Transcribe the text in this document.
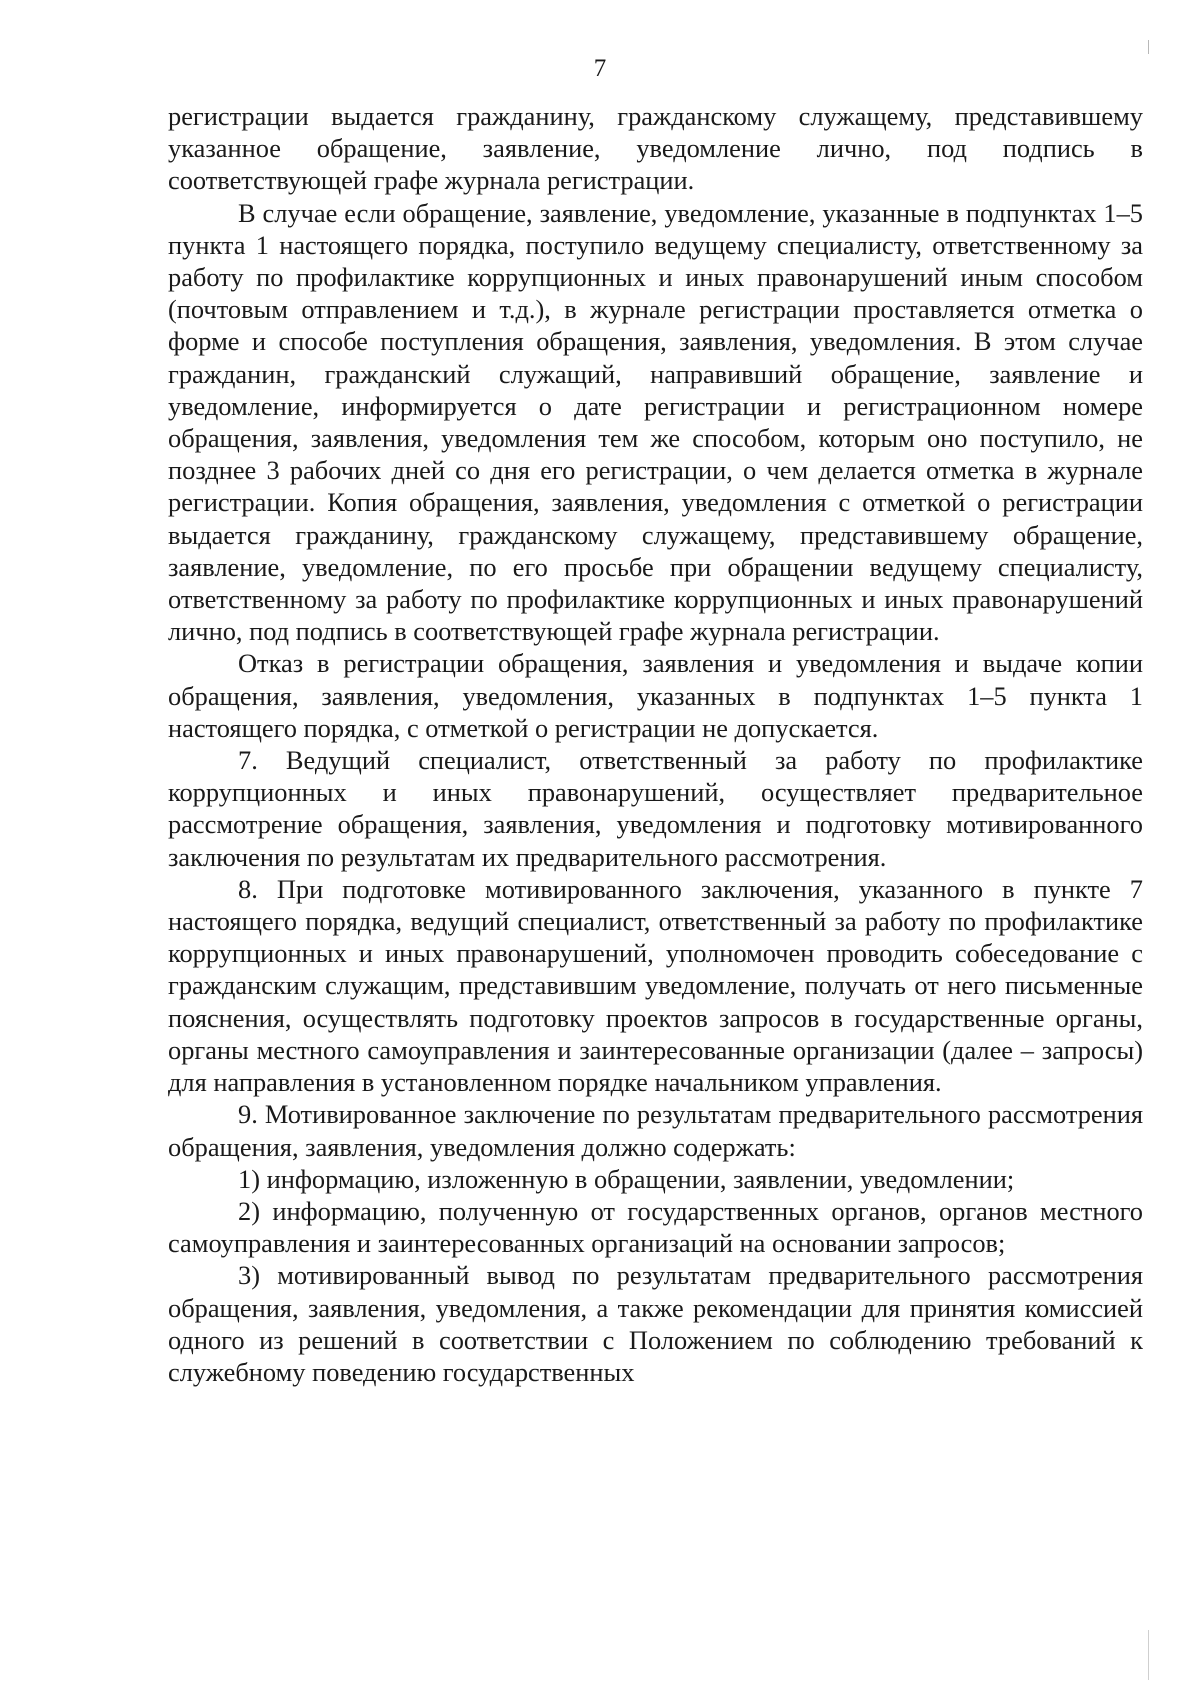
7

регистрации выдается гражданину, гражданскому служащему, представившему указанное обращение, заявление, уведомление лично, под подпись в соответствующей графе журнала регистрации.

В случае если обращение, заявление, уведомление, указанные в подпунктах 1–5 пункта 1 настоящего порядка, поступило ведущему специалисту, ответственному за работу по профилактике коррупционных и иных правонарушений иным способом (почтовым отправлением и т.д.), в журнале регистрации проставляется отметка о форме и способе поступления обращения, заявления, уведомления. В этом случае гражданин, гражданский служащий, направивший обращение, заявление и уведомление, информируется о дате регистрации и регистрационном номере обращения, заявления, уведомления тем же способом, которым оно поступило, не позднее 3 рабочих дней со дня его регистрации, о чем делается отметка в журнале регистрации. Копия обращения, заявления, уведомления с отметкой о регистрации выдается гражданину, гражданскому служащему, представившему обращение, заявление, уведомление, по его просьбе при обращении ведущему специалисту, ответственному за работу по профилактике коррупционных и иных правонарушений лично, под подпись в соответствующей графе журнала регистрации.

Отказ в регистрации обращения, заявления и уведомления и выдаче копии обращения, заявления, уведомления, указанных в подпунктах 1–5 пункта 1 настоящего порядка, с отметкой о регистрации не допускается.

7. Ведущий специалист, ответственный за работу по профилактике коррупционных и иных правонарушений, осуществляет предварительное рассмотрение обращения, заявления, уведомления и подготовку мотивированного заключения по результатам их предварительного рассмотрения.

8. При подготовке мотивированного заключения, указанного в пункте 7 настоящего порядка, ведущий специалист, ответственный за работу по профилактике коррупционных и иных правонарушений, уполномочен проводить собеседование с гражданским служащим, представившим уведомление, получать от него письменные пояснения, осуществлять подготовку проектов запросов в государственные органы, органы местного самоуправления и заинтересованные организации (далее – запросы) для направления в установленном порядке начальником управления.

9. Мотивированное заключение по результатам предварительного рассмотрения обращения, заявления, уведомления должно содержать:

1) информацию, изложенную в обращении, заявлении, уведомлении;

2) информацию, полученную от государственных органов, органов местного самоуправления и заинтересованных организаций на основании запросов;

3) мотивированный вывод по результатам предварительного рассмотрения обращения, заявления, уведомления, а также рекомендации для принятия комиссией одного из решений в соответствии с Положением по соблюдению требований к служебному поведению государственных
